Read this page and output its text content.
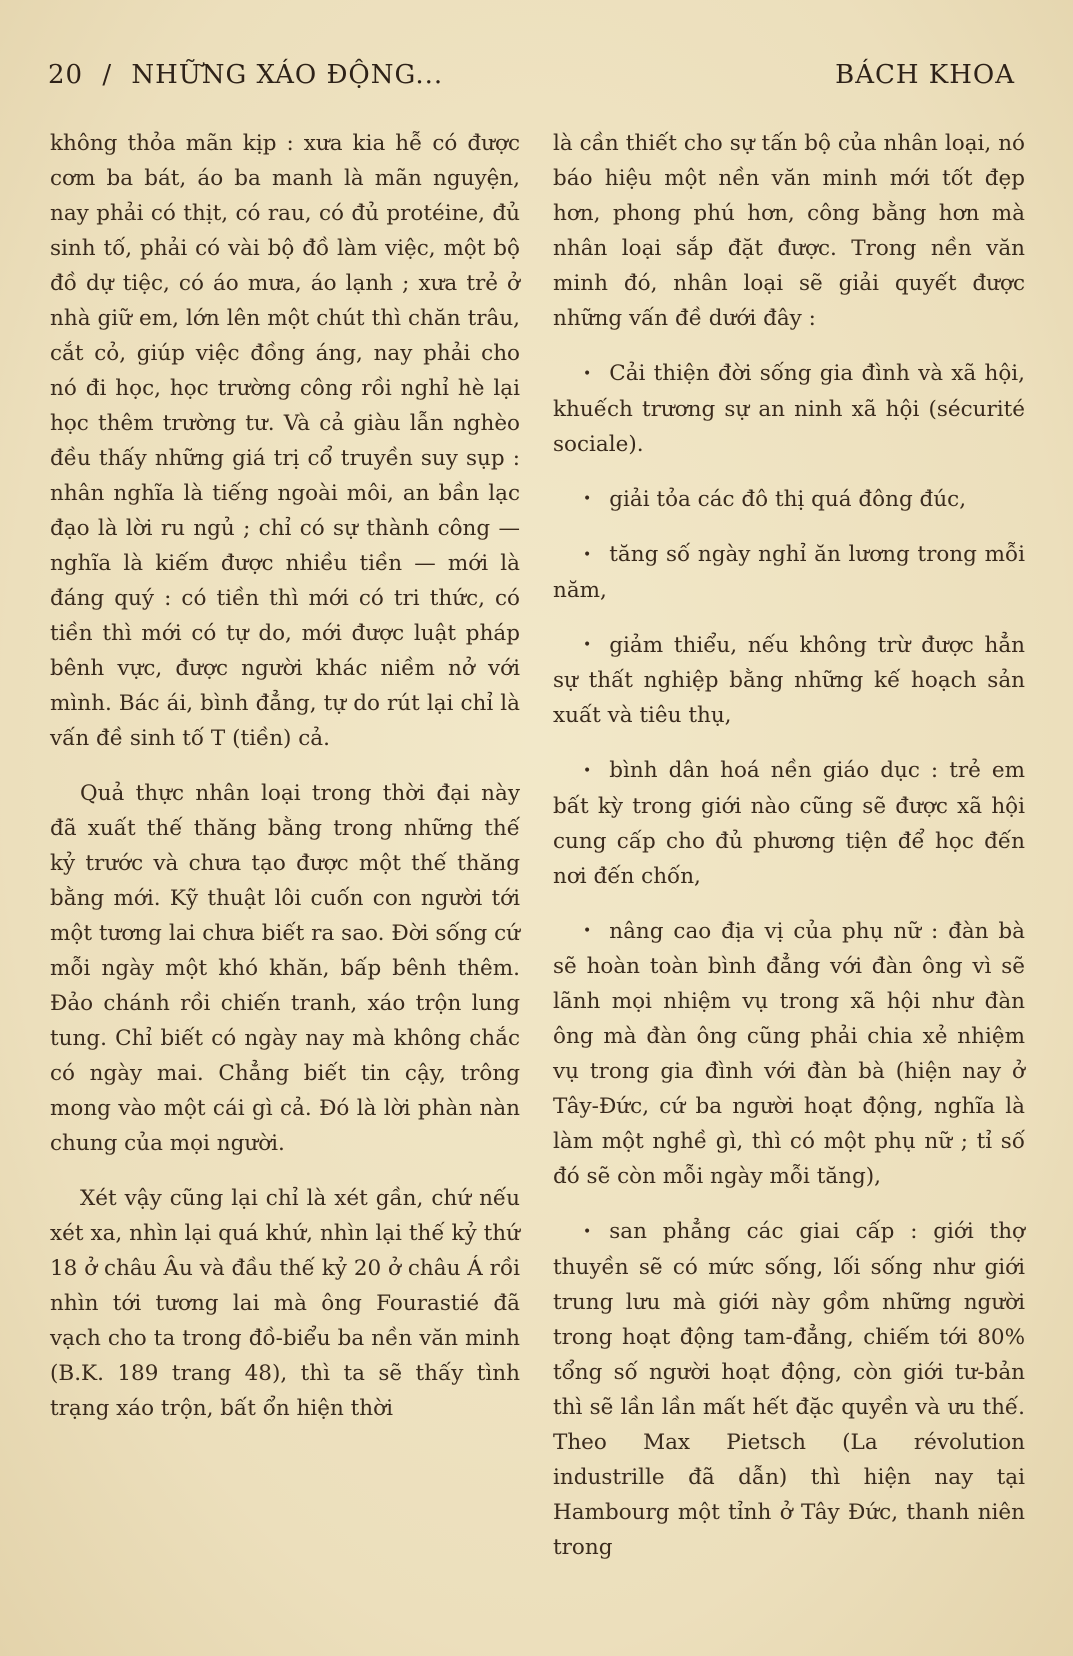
20 / NHỮNG XÁO ĐỘNG...	BÁCH KHOA

không thỏa mãn kịp : xưa kia hễ có được cơm ba bát, áo ba manh là mãn nguyện, nay phải có thịt, có rau, có đủ protéine, đủ sinh tố, phải có vài bộ đồ làm việc, một bộ đồ dự tiệc, có áo mưa, áo lạnh ; xưa trẻ ở nhà giữ em, lớn lên một chút thì chăn trâu, cắt cỏ, giúp việc đồng áng, nay phải cho nó đi học, học trường công rồi nghỉ hè lại học thêm trường tư. Và cả giàu lẫn nghèo đều thấy những giá trị cổ truyền suy sụp : nhân nghĩa là tiếng ngoài môi, an bần lạc đạo là lời ru ngủ ; chỉ có sự thành công — nghĩa là kiếm được nhiều tiền — mới là đáng quý : có tiền thì mới có tri thức, có tiền thì mới có tự do, mới được luật pháp bênh vực, được người khác niềm nở với mình. Bác ái, bình đẳng, tự do rút lại chỉ là vấn đề sinh tố T (tiền) cả.

Quả thực nhân loại trong thời đại này đã xuất thế thăng bằng trong những thế kỷ trước và chưa tạo được một thế thăng bằng mới. Kỹ thuật lôi cuốn con người tới một tương lai chưa biết ra sao. Đời sống cứ mỗi ngày một khó khăn, bấp bênh thêm. Đảo chánh rồi chiến tranh, xáo trộn lung tung. Chỉ biết có ngày nay mà không chắc có ngày mai. Chẳng biết tin cậy, trông mong vào một cái gì cả. Đó là lời phàn nàn chung của mọi người.

Xét vậy cũng lại chỉ là xét gần, chứ nếu xét xa, nhìn lại quá khứ, nhìn lại thế kỷ thứ 18 ở châu Âu và đầu thế kỷ 20 ở châu Á rồi nhìn tới tương lai mà ông Fourastié đã vạch cho ta trong đồ-biểu ba nền văn minh (B.K. 189 trang 48), thì ta sẽ thấy tình trạng xáo trộn, bất ổn hiện thời

là cần thiết cho sự tấn bộ của nhân loại, nó báo hiệu một nền văn minh mới tốt đẹp hơn, phong phú hơn, công bằng hơn mà nhân loại sắp đặt được. Trong nền văn minh đó, nhân loại sẽ giải quyết được những vấn đề dưới đây :

• Cải thiện đời sống gia đình và xã hội, khuếch trương sự an ninh xã hội (sécurité sociale).

• giải tỏa các đô thị quá đông đúc,

• tăng số ngày nghỉ ăn lương trong mỗi năm,

• giảm thiểu, nếu không trừ được hẳn sự thất nghiệp bằng những kế hoạch sản xuất và tiêu thụ,

• bình dân hoá nền giáo dục : trẻ em bất kỳ trong giới nào cũng sẽ được xã hội cung cấp cho đủ phương tiện để học đến nơi đến chốn,

• nâng cao địa vị của phụ nữ : đàn bà sẽ hoàn toàn bình đẳng với đàn ông vì sẽ lãnh mọi nhiệm vụ trong xã hội như đàn ông mà đàn ông cũng phải chia xẻ nhiệm vụ trong gia đình với đàn bà (hiện nay ở Tây-Đức, cứ ba người hoạt động, nghĩa là làm một nghề gì, thì có một phụ nữ ; tỉ số đó sẽ còn mỗi ngày mỗi tăng),

• san phẳng các giai cấp : giới thợ thuyền sẽ có mức sống, lối sống như giới trung lưu mà giới này gồm những người trong hoạt động tam-đẳng, chiếm tới 80% tổng số người hoạt động, còn giới tư-bản thì sẽ lần lần mất hết đặc quyền và ưu thế. Theo Max Pietsch (La révolution industrille đã dẫn) thì hiện nay tại Hambourg một tỉnh ở Tây Đức, thanh niên trong
